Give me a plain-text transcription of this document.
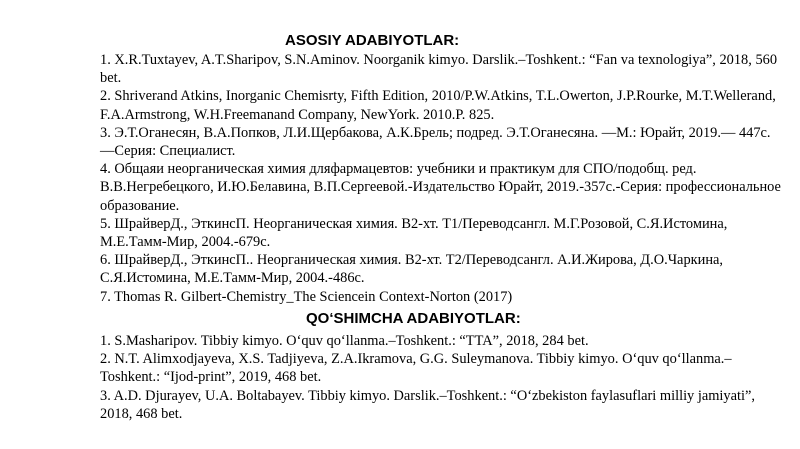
ASOSIY ADABIYOTLAR:
1. X.R.Tuxtayev, A.T.Sharipov, S.N.Aminov. Noorganik kimyo. Darslik.–Toshkent.: “Fan va texnologiya”, 2018, 560 bet.
2. Shriverand Atkins, Inorganic Chemisrty, Fifth Edition, 2010/P.W.Atkins, T.L.Owerton, J.P.Rourke, M.T.Wellerand, F.A.Armstrong, W.H.Freemanand Company, NewYork. 2010.P. 825.
3. Э.Т.Оганесян, В.А.Попков, Л.И.Щербакова, А.К.Брель; подред. Э.Т.Оганесяна. —М.: Юрайт, 2019.— 447с.—Серия: Специалист.
4. Общаяи неорганическая химия дляфармацевтов: учебники и практикум для СПО/подобщ. ред. В.В.Негребецкого, И.Ю.Белавина, В.П.Сергеевой.-Издательство Юрайт, 2019.-357с.-Серия: профессиональное образование.
5. ШрайверД., ЭткинсП. Неорганическая химия. В2-хт. Т1/Переводсангл. М.Г.Розовой, С.Я.Истомина, М.Е.Тамм-Мир, 2004.-679с.
6. ШрайверД., ЭткинсП.. Неорганическая химия. В2-хт. Т2/Переводсангл. А.И.Жирова, Д.О.Чаркина, С.Я.Истомина, М.Е.Тамм-Мир, 2004.-486с.
7. Thomas R. Gilbert-Chemistry_The Sciencein Context-Norton (2017)
QO‘SHIMCHA ADABIYOTLAR:
1. S.Masharipov. Tibbiy kimyo. O‘quv qo‘llanma.–Toshkent.: “TTA”, 2018, 284 bet.
2. N.T. Alimxodjayeva, X.S. Tadjiyeva, Z.A.Ikramova, G.G. Suleymanova. Tibbiy kimyo. O‘quv qo‘llanma.–Toshkent.: “Ijod-print”, 2019, 468 bet.
3. A.D. Djurayev, U.A. Boltabayev. Tibbiy kimyo. Darslik.–Toshkent.: “O‘zbekiston faylasuflari milliy jamiyati”, 2018, 468 bet.
